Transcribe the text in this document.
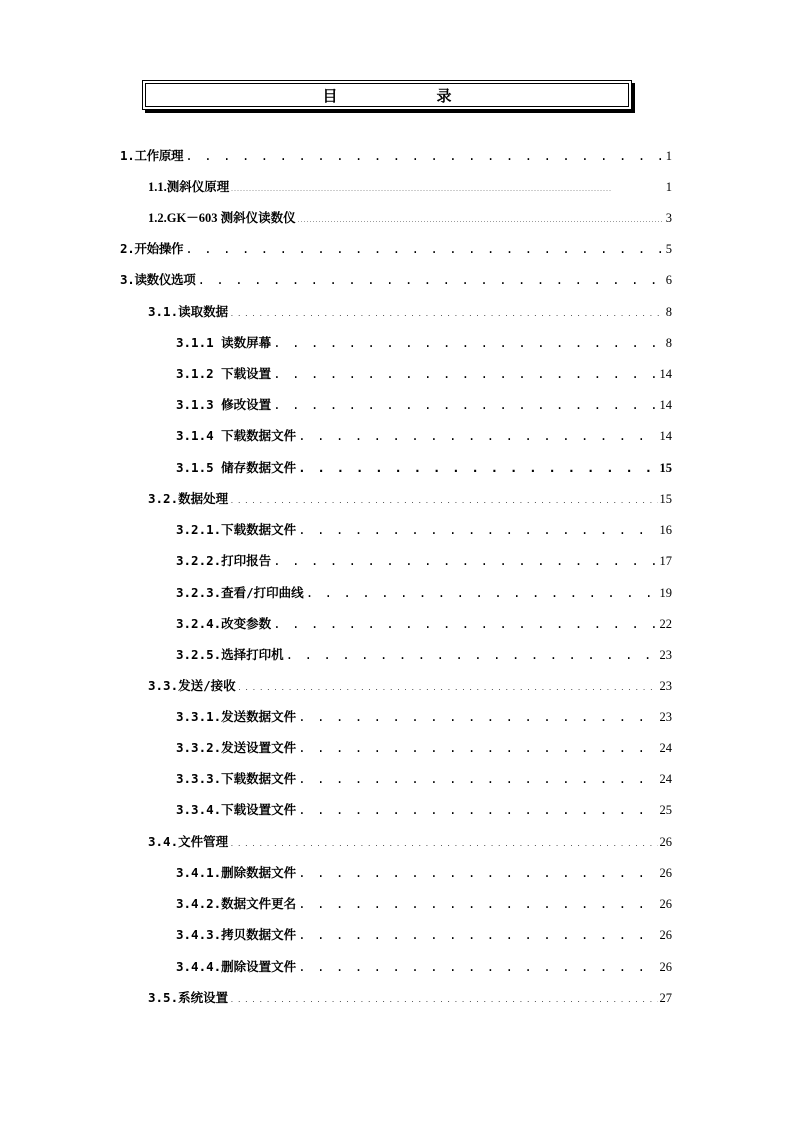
目　录
1.工作原理 . . .	1
1.1.测斜仪原理 . . .	1
1.2.GK－603 测斜仪读数仪 . . .	3
2.开始操作 . . .	5
3.读数仪选项 . . .	6
3.1.读取数据 . . .	8
3.1.1 读数屏幕 . . .	8
3.1.2 下载设置 . . .	14
3.1.3 修改设置 . . .	14
3.1.4 下载数据文件 . . .	14
3.1.5 储存数据文件 . . .	15
3.2.数据处理 . . .	15
3.2.1.下载数据文件 . . .	16
3.2.2.打印报告 . . .	17
3.2.3.查看/打印曲线 . . .	19
3.2.4.改变参数 . . .	22
3.2.5.选择打印机 . . .	23
3.3.发送/接收 . . .	23
3.3.1.发送数据文件 . . .	23
3.3.2.发送设置文件 . . .	24
3.3.3.下载数据文件 . . .	24
3.3.4.下载设置文件 . . .	25
3.4.文件管理 . . .	26
3.4.1.删除数据文件 . . .	26
3.4.2.数据文件更名 . . .	26
3.4.3.拷贝数据文件 . . .	26
3.4.4.删除设置文件 . . .	26
3.5.系统设置 . . .	27
